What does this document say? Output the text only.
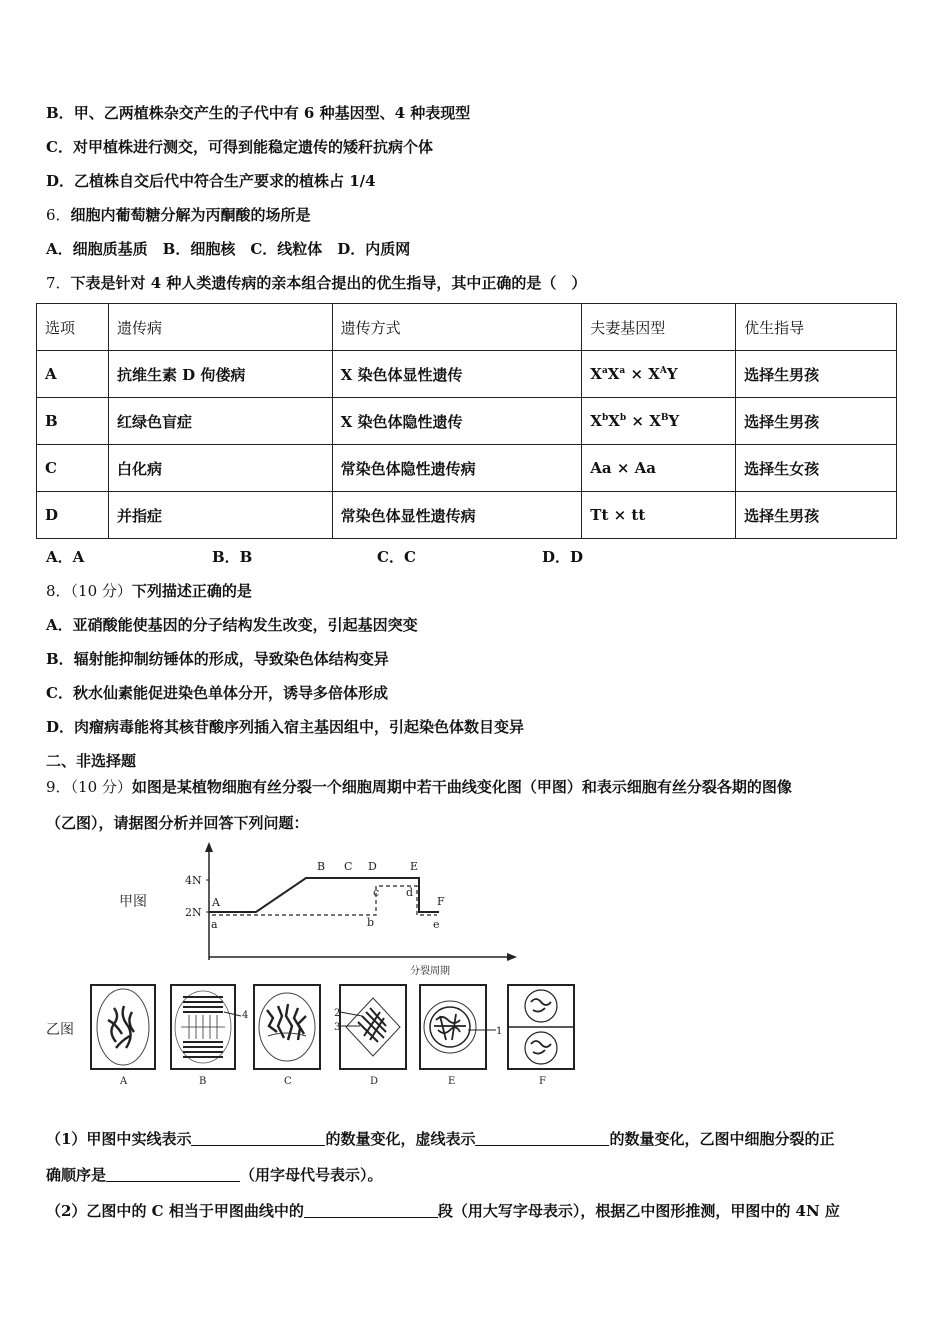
B．甲、乙两植株杂交产生的子代中有 6 种基因型、4 种表现型
C．对甲植株进行测交，可得到能稳定遗传的矮秆抗病个体
D．乙植株自交后代中符合生产要求的植株占 1/4
6．细胞内葡萄糖分解为丙酮酸的场所是
A．细胞质基质　B．细胞核　C．线粒体　D．内质网
7．下表是针对 4 种人类遗传病的亲本组合提出的优生指导，其中正确的是（　）
选项	遗传病	遗传方式	夫妻基因型	优生指导
A	抗维生素 D 佝偻病	X 染色体显性遗传	$X^aX^a \times X^AY$	选择生男孩
B	红绿色盲症	X 染色体隐性遗传	$X^bX^b \times X^BY$	选择生男孩
C	白化病	常染色体隐性遗传病	Aa × Aa	选择生女孩
D	并指症	常染色体显性遗传病	Tt × tt	选择生男孩
A．A	B．B	C．C	D．D
8．（10 分）下列描述正确的是
A．亚硝酸能使基因的分子结构发生改变，引起基因突变
B．辐射能抑制纺锤体的形成，导致染色体结构变异
C．秋水仙素能促进染色单体分开，诱导多倍体形成
D．肉瘤病毒能将其核苷酸序列插入宿主基因组中，引起染色体数目变异
二、非选择题
9．（10 分）如图是某植物细胞有丝分裂一个细胞周期中若干曲线变化图（甲图）和表示细胞有丝分裂各期的图像
（乙图），请据图分析并回答下列问题：
甲图
4N
2N
A
B C D	E
F
a	b
c d
e
分裂周期
乙图
2
3
4
1
A	B	C	D	E	F
（1）甲图中实线表示	的数量变化，虚线表示	的数量变化，乙图中细胞分裂的正
确顺序是	（用字母代号表示）。
（2）乙图中的 C 相当于甲图曲线中的	段（用大写字母表示），根据乙中图形推测，甲图中的 4N 应
